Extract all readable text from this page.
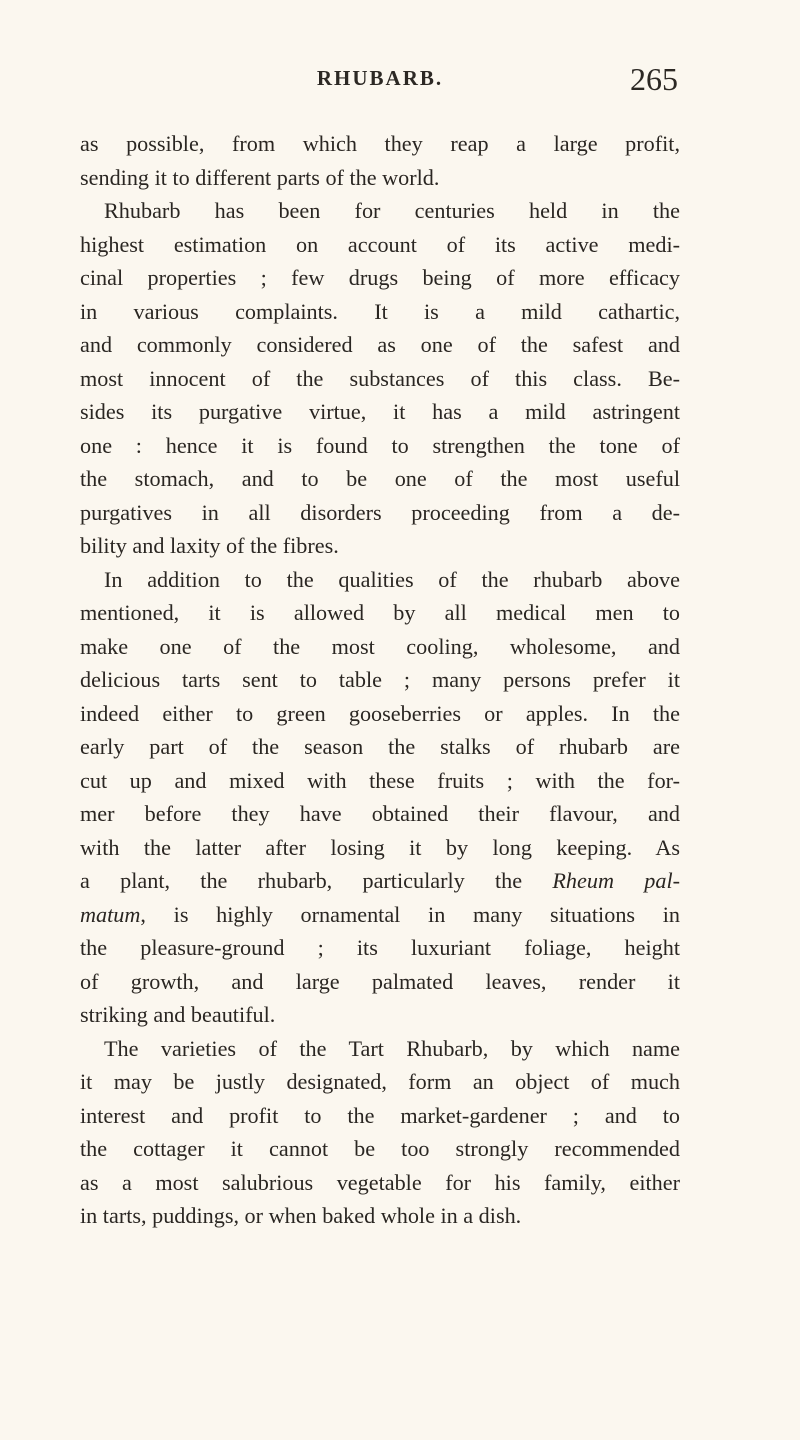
RHUBARB.	265
as possible, from which they reap a large profit,
sending it to different parts of the world.
Rhubarb has been for centuries held in the
highest estimation on account of its active medi-
cinal properties ; few drugs being of more efficacy
in various complaints. It is a mild cathartic,
and commonly considered as one of the safest and
most innocent of the substances of this class. Be-
sides its purgative virtue, it has a mild astringent
one : hence it is found to strengthen the tone of
the stomach, and to be one of the most useful
purgatives in all disorders proceeding from a de-
bility and laxity of the fibres.
In addition to the qualities of the rhubarb above
mentioned, it is allowed by all medical men to
make one of the most cooling, wholesome, and
delicious tarts sent to table ; many persons prefer it
indeed either to green gooseberries or apples. In the
early part of the season the stalks of rhubarb are
cut up and mixed with these fruits ; with the for-
mer before they have obtained their flavour, and
with the latter after losing it by long keeping. As
a plant, the rhubarb, particularly the Rheum pal-
matum, is highly ornamental in many situations in
the pleasure-ground ; its luxuriant foliage, height
of growth, and large palmated leaves, render it
striking and beautiful.
The varieties of the Tart Rhubarb, by which name
it may be justly designated, form an object of much
interest and profit to the market-gardener ; and to
the cottager it cannot be too strongly recommended
as a most salubrious vegetable for his family, either
in tarts, puddings, or when baked whole in a dish.
